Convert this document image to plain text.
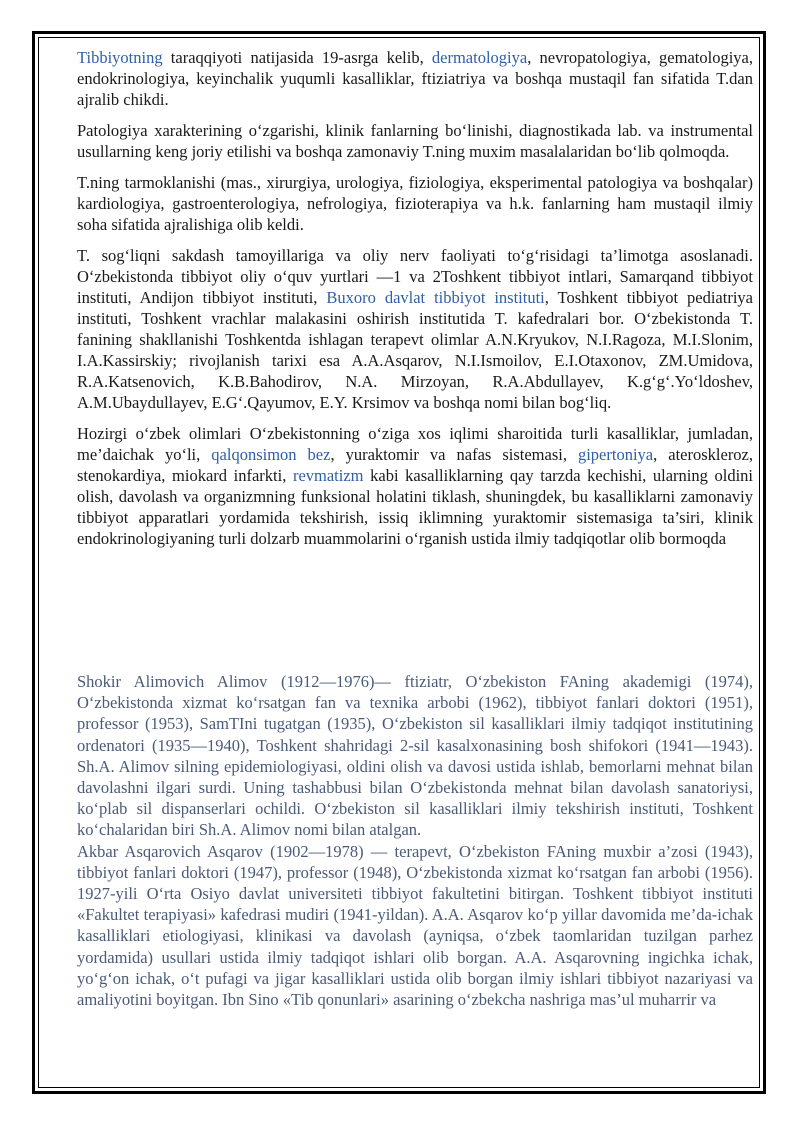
Tibbiyotning taraqqiyoti natijasida 19-asrga kelib, dermatologiya, nevropatologiya, gematologiya, endokrinologiya, keyinchalik yuqumli kasalliklar, ftiziatriya va boshqa mustaqil fan sifatida T.dan ajralib chikdi.

Patologiya xarakterining o‘zgarishi, klinik fanlarning bo‘linishi, diagnostikada lab. va instrumental usullarning keng joriy etilishi va boshqa zamonaviy T.ning muxim masalalaridan bo‘lib qolmoqda.

T.ning tarmoklanishi (mas., xirurgiya, urologiya, fiziologiya, eksperimental patologiya va boshqalar) kardiologiya, gastroenterologiya, nefrologiya, fizioterapiya va h.k. fanlarning ham mustaqil ilmiy soha sifatida ajralishiga olib keldi.

T. sog‘liqni sakdash tamoyillariga va oliy nerv faoliyati to‘g‘risidagi ta’limotga asoslanadi. O‘zbekistonda tibbiyot oliy o‘quv yurtlari —1 va 2Toshkent tibbiyot intlari, Samarqand tibbiyot instituti, Andijon tibbiyot instituti, Buxoro davlat tibbiyot instituti, Toshkent tibbiyot pediatriya instituti, Toshkent vrachlar malakasini oshirish institutida T. kafedralari bor. O‘zbekistonda T. fanining shakllanishi Toshkentda ishlagan terapevt olimlar A.N.Kryukov, N.I.Ragoza, M.I.Slonim, I.A.Kassirskiy; rivojlanish tarixi esa A.A.Asqarov, N.I.Ismoilov, E.I.Otaxonov, ZM.Umidova, R.A.Katsenovich, K.B.Bahodirov, N.A. Mirzoyan, R.A.Abdullayev, K.g‘g‘.Yo‘ldoshev, A.M.Ubaydullayev, E.G‘.Qayumov, E.Y. Krsimov va boshqa nomi bilan bog‘liq.

Hozirgi o‘zbek olimlari O‘zbekistonning o‘ziga xos iqlimi sharoitida turli kasalliklar, jumladan, me’daichak yo‘li, qalqonsimon bez, yuraktomir va nafas sistemasi, gipertoniya, ateroskleroz, stenokardiya, miokard infarkti, revmatizm kabi kasalliklarning qay tarzda kechishi, ularning oldini olish, davolash va organizmning funksional holatini tiklash, shuningdek, bu kasalliklarni zamonaviy tibbiyot apparatlari yordamida tekshirish, issiq iklimning yuraktomir sistemasiga ta’siri, klinik endokrinologiyaning turli dolzarb muammolarini o‘rganish ustida ilmiy tadqiqotlar olib bormoqda

Shokir Alimovich Alimov (1912—1976)— ftiziatr, O‘zbekiston FAning akademigi (1974), O‘zbekistonda xizmat ko‘rsatgan fan va texnika arbobi (1962), tibbiyot fanlari doktori (1951), professor (1953), SamTInі tugatgan (1935), O‘zbekiston sil kasalliklari ilmiy tadqiqot institutining ordenatori (1935—1940), Toshkent shahridagi 2-sil kasalxonasining bosh shifokori (1941—1943). Sh.A. Alimov silning epidemiologiyasi, oldini olish va davosi ustida ishlab, bemorlarni mehnat bilan davolashni ilgari surdi. Uning tashabbusi bilan O‘zbekistonda mehnat bilan davolash sanatoriysi, ko‘plab sil dispanserlari ochildi. O‘zbekiston sil kasalliklari ilmiy tekshirish instituti, Toshkent ko‘chalaridan biri Sh.A. Alimov nomi bilan atalgan.

Akbar Asqarovich Asqarov (1902—1978) — terapevt, O‘zbekiston FAning muxbir a’zosi (1943), tibbiyot fanlari doktori (1947), professor (1948), O‘zbekistonda xizmat ko‘rsatgan fan arbobi (1956). 1927-yili O‘rta Osiyo davlat universiteti tibbiyot fakultetini bitirgan. Toshkent tibbiyot instituti «Fakultet terapiyasi» kafedrasi mudiri (1941-yildan). A.A. Asqarov ko‘p yillar davomida me’da-ichak kasalliklari etiologiyasi, klinikasi va davolash (ayniqsa, o‘zbek taomlaridan tuzilgan parhez yordamida) usullari ustida ilmiy tadqiqot ishlari olib borgan. A.A. Asqarovning ingichka ichak, yo‘g‘on ichak, o‘t pufagi va jigar kasalliklari ustida olib borgan ilmiy ishlari tibbiyot nazariyasi va amaliyotini boyitgan. Ibn Sino «Tib qonunlari» asarining o‘zbekcha nashriga mas’ul muharrir va
